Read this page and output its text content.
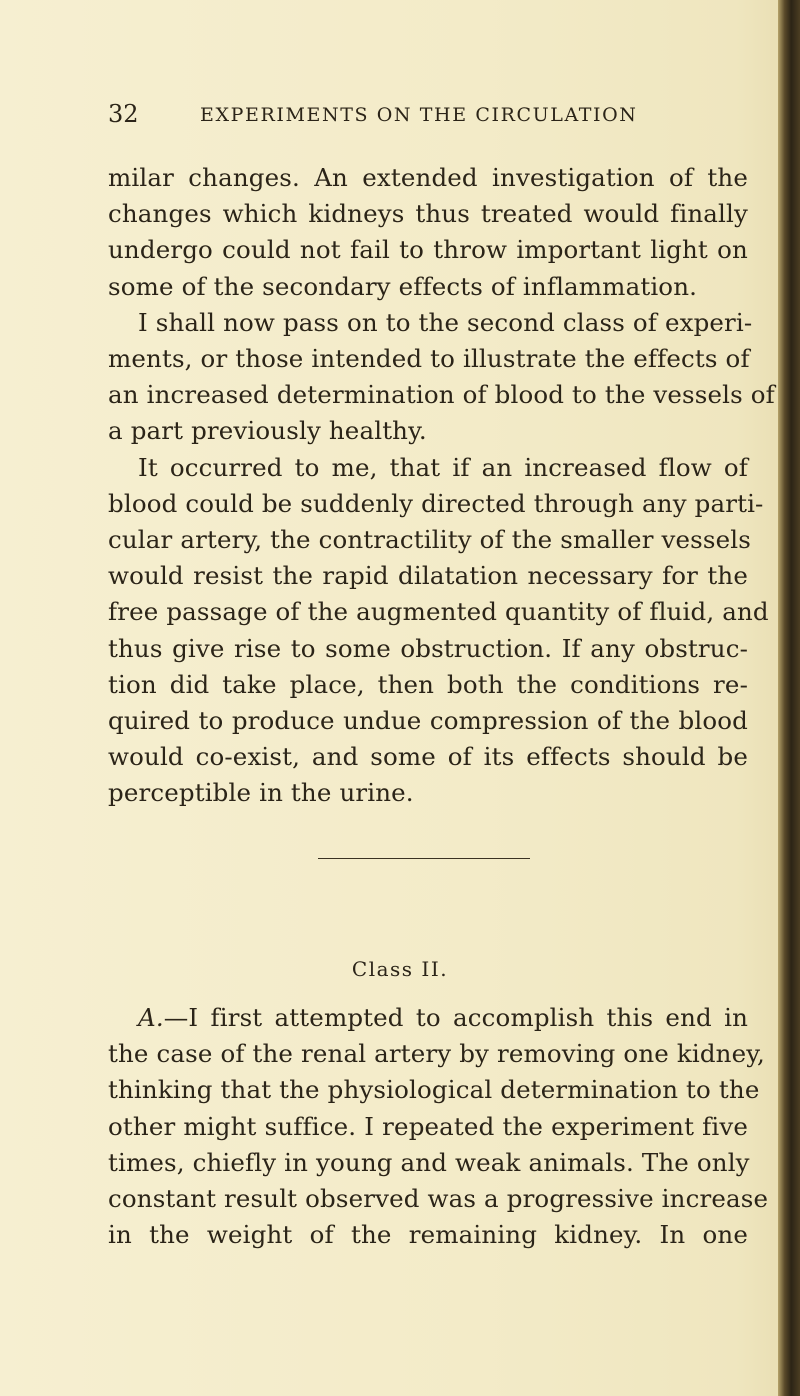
32	EXPERIMENTS ON THE CIRCULATION
milar changes. An extended investigation of the
changes which kidneys thus treated would finally
undergo could not fail to throw important light on
some of the secondary effects of inflammation.
I shall now pass on to the second class of experi-
ments, or those intended to illustrate the effects of
an increased determination of blood to the vessels of
a part previously healthy.
It occurred to me, that if an increased flow of
blood could be suddenly directed through any parti-
cular artery, the contractility of the smaller vessels
would resist the rapid dilatation necessary for the
free passage of the augmented quantity of fluid, and
thus give rise to some obstruction. If any obstruc-
tion did take place, then both the conditions re-
quired to produce undue compression of the blood
would co-exist, and some of its effects should be
perceptible in the urine.
Class II.
A.—I first attempted to accomplish this end in
the case of the renal artery by removing one kidney,
thinking that the physiological determination to the
other might suffice. I repeated the experiment five
times, chiefly in young and weak animals. The only
constant result observed was a progressive increase
in the weight of the remaining kidney. In one
